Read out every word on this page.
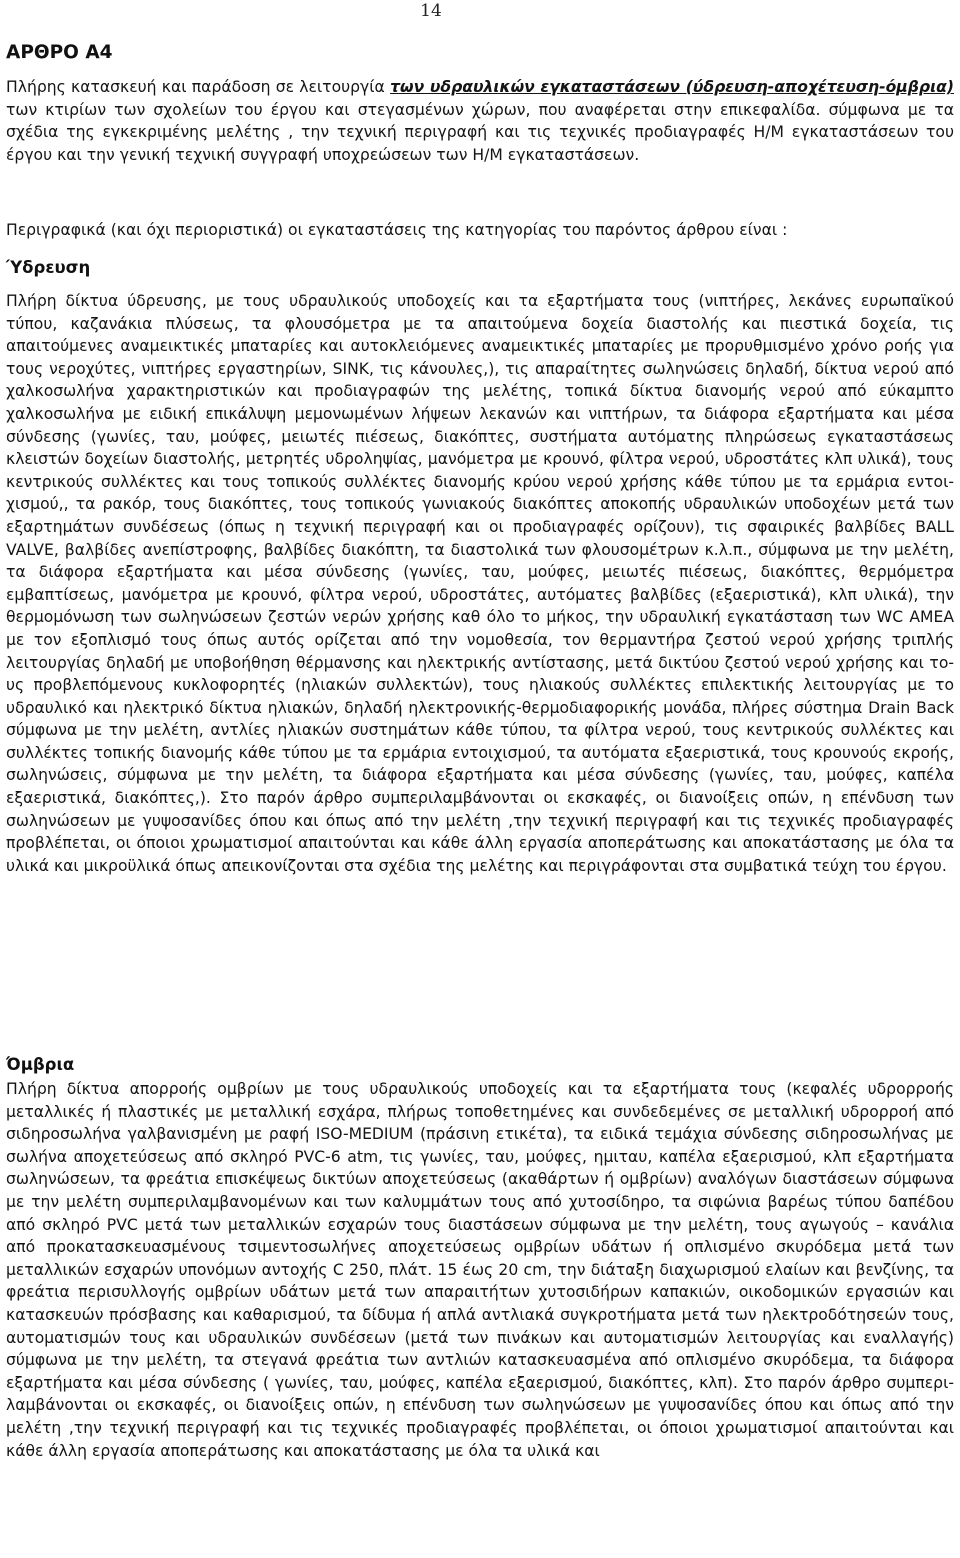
14
ΑΡΘΡΟ Α4

Πλήρης κατασκευή και παράδοση σε λειτουργία των υδραυλικών εγκαταστάσεων (ύδρευση-αποχέτευση-όμβρια) των κτιρίων των σχολείων του έργου και στεγασμένων χώρων, που αναφέρεται στην επικεφαλίδα. σύμφωνα με τα σχέδια της εγκεκριμένης μελέτης , την τεχνική περιγραφή και τις τεχνικές προδιαγραφές Η/Μ εγκαταστάσεων του έργου και την γενική τεχνική συγγραφή υποχρεώσεων των Η/Μ εγκαταστάσεων.

Περιγραφικά (και όχι περιοριστικά) οι εγκαταστάσεις της κατηγορίας του παρόντος άρθρου είναι :

Ύδρευση

Πλήρη δίκτυα ύδρευσης, με τους υδραυλικούς υποδοχείς και τα εξαρτήματα τους (νιπτήρες, λεκάνες ευρωπαϊκού τύπου, καζανάκια πλύσεως, τα φλουσόμετρα με τα απαιτούμενα δοχεία διαστολής και πιεστικά δοχεία, τις απαιτούμενες αναμεικτικές μπαταρίες και αυτοκλειόμενες αναμεικτικές μπαταρίες με προρυθμισμένο χρόνο ροής για τους νεροχύτες, νιπτήρες εργαστηρίων, SINK, τις κάνουλες,), τις απαραίτητες σωληνώσεις δηλαδή, δίκτυα νερού από χαλκοσωλήνα χαρακτηριστικών και προδιαγραφών της μελέτης, τοπικά δίκτυα διανομής νερού από εύκαμπτο χαλκοσωλήνα με ειδική επικάλυψη μεμονωμένων λήψεων λεκανών και νιπτήρων, τα διάφορα εξαρτήματα και μέσα σύνδεσης (γωνίες, ταυ, μούφες, μειωτές πιέσεως, διακόπτες, συστήματα αυτόματης πληρώσεως εγκαταστάσεως κλειστών δοχείων διαστολής, μετρητές υδροληψίας, μανόμετρα με κρουνό, φίλτρα νερού, υδροστάτες κλπ υλικά), τους κεντρικούς συλλέκτες και τους τοπικούς συλλέκτες διανομής κρύου νερού χρήσης κάθε τύπου με τα ερμάρια εντοιχισμού,, τα ρακόρ, τους διακόπτες, τους τοπικούς γωνιακούς διακόπτες αποκοπής υδραυλικών υποδοχέων μετά των εξαρτημάτων συνδέσεως (όπως η τεχνική περιγραφή και οι προδιαγραφές ορίζουν), τις σφαιρικές βαλβίδες BALL VALVE, βαλβίδες ανεπίστροφης, βαλβίδες διακόπτη, τα διαστολικά των φλουσομέτρων κ.λ.π., σύμφωνα με την μελέτη, τα διάφορα εξαρτήματα και μέσα σύνδεσης (γωνίες, ταυ, μούφες, μειωτές πιέσεως, διακόπτες, θερμόμετρα εμβαπτίσεως, μανόμετρα με κρουνό, φίλτρα νερού, υδροστάτες, αυτόματες βαλβίδες (εξαεριστικά), κλπ υλικά), την θερμομόνωση των σωληνώσεων ζεστών νερών χρήσης καθ όλο το μήκος, την υδραυλική εγκατάσταση των WC AMEA με τον εξοπλισμό τους όπως αυτός ορίζεται από την νομοθεσία, τον θερμαντήρα ζεστού νερού χρήσης τριπλής λειτουργίας δηλαδή με υποβοήθηση θέρμανσης και ηλεκτρικής αντίστασης, μετά δικτύου ζεστού νερού χρήσης και τους προβλεπόμενους κυκλοφορητές (ηλιακών συλλεκτών), τους ηλιακούς συλλέκτες επιλεκτικής λειτουργίας με το υδραυλικό και ηλεκτρικό δίκτυα ηλιακών, δηλαδή ηλεκτρονικής-θερμοδιαφορικής μονάδα, πλήρες σύστημα Drain Back σύμφωνα με την μελέτη, αντλίες ηλιακών συστημάτων κάθε τύπου, τα φίλτρα νερού, τους κεντρικούς συλλέκτες και συλλέκτες τοπικής διανομής κάθε τύπου με τα ερμάρια εντοιχισμού, τα αυτόματα εξαεριστικά, τους κρουνούς εκροής, σωληνώσεις, σύμφωνα με την μελέτη, τα διάφορα εξαρτήματα και μέσα σύνδεσης (γωνίες, ταυ, μούφες, καπέλα εξαεριστικά, διακόπτες,). Στο παρόν άρθρο συμπεριλαμβάνονται οι εκσκαφές, οι διανοίξεις οπών, η επένδυση των σωληνώσεων με γυψοσανίδες όπου και όπως από την μελέτη ,την τεχνική περιγραφή και τις τεχνικές προδιαγραφές προβλέπεται, οι όποιοι χρωματισμοί απαιτούνται και κάθε άλλη εργασία αποπεράτωσης και αποκατάστασης με όλα τα υλικά και μικροϋλικά όπως απεικονίζονται στα σχέδια της μελέτης και περιγράφονται στα συμβατικά τεύχη του έργου.

Όμβρια

Πλήρη δίκτυα απορροής ομβρίων με τους υδραυλικούς υποδοχείς και τα εξαρτήματα τους (κεφαλές υδρορροής μεταλλικές ή πλαστικές με μεταλλική εσχάρα, πλήρως τοποθετημένες και συνδεδεμένες σε μεταλλική υδρορροή από σιδηροσωλήνα γαλβανισμένη με ραφή ISO-MEDIUM (πράσινη ετικέτα), τα ειδικά τεμάχια σύνδεσης σιδηροσωλήνας με σωλήνα αποχετεύσεως από σκληρό PVC-6 atm, τις γωνίες, ταυ, μούφες, ημιταυ, καπέλα εξαερισμού, κλπ εξαρτήματα σωληνώσεων, τα φρεάτια επισκέψεως δικτύων αποχετεύσεως (ακαθάρτων ή ομβρίων) αναλόγων διαστάσεων σύμφωνα με την μελέτη συμπεριλαμβανομένων και των καλυμμάτων τους από χυτοσίδηρο, τα σιφώνια βαρέως τύπου δαπέδου από σκληρό PVC μετά των μεταλλικών εσχαρών τους διαστάσεων σύμφωνα με την μελέτη, τους αγωγούς – κανάλια από προκατασκευασμένους τσιμεντοσωλήνες αποχετεύσεως ομβρίων υδάτων ή οπλισμένο σκυρόδεμα μετά των μεταλλικών εσχαρών υπονόμων αντοχής C 250, πλάτ. 15 έως 20 cm, την διάταξη διαχωρισμού ελαίων και βενζίνης, τα φρεάτια περισυλλογής ομβρίων υδάτων μετά των απαραιτήτων χυτοσιδήρων καπακιών, οικοδομικών εργασιών και κατασκευών πρόσβασης και καθαρισμού, τα δίδυμα ή απλά αντλιακά συγκροτήματα μετά των ηλεκτροδότησεών τους, αυτοματισμών τους και υδραυλικών συνδέσεων (μετά των πινάκων και αυτοματισμών λειτουργίας και εναλλαγής) σύμφωνα με την μελέτη, τα στεγανά φρεάτια των αντλιών κατασκευασμένα από οπλισμένο σκυρόδεμα, τα διάφορα εξαρτήματα και μέσα σύνδεσης ( γωνίες, ταυ, μούφες, καπέλα εξαερισμού, διακόπτες, κλπ). Στο παρόν άρθρο συμπεριλαμβάνονται οι εκσκαφές, οι διανοίξεις οπών, η επένδυση των σωληνώσεων με γυψοσανίδες όπου και όπως από την μελέτη ,την τεχνική περιγραφή και τις τεχνικές προδιαγραφές προβλέπεται, οι όποιοι χρωματισμοί απαιτούνται και κάθε άλλη εργασία αποπεράτωσης και αποκατάστασης με όλα τα υλικά και
